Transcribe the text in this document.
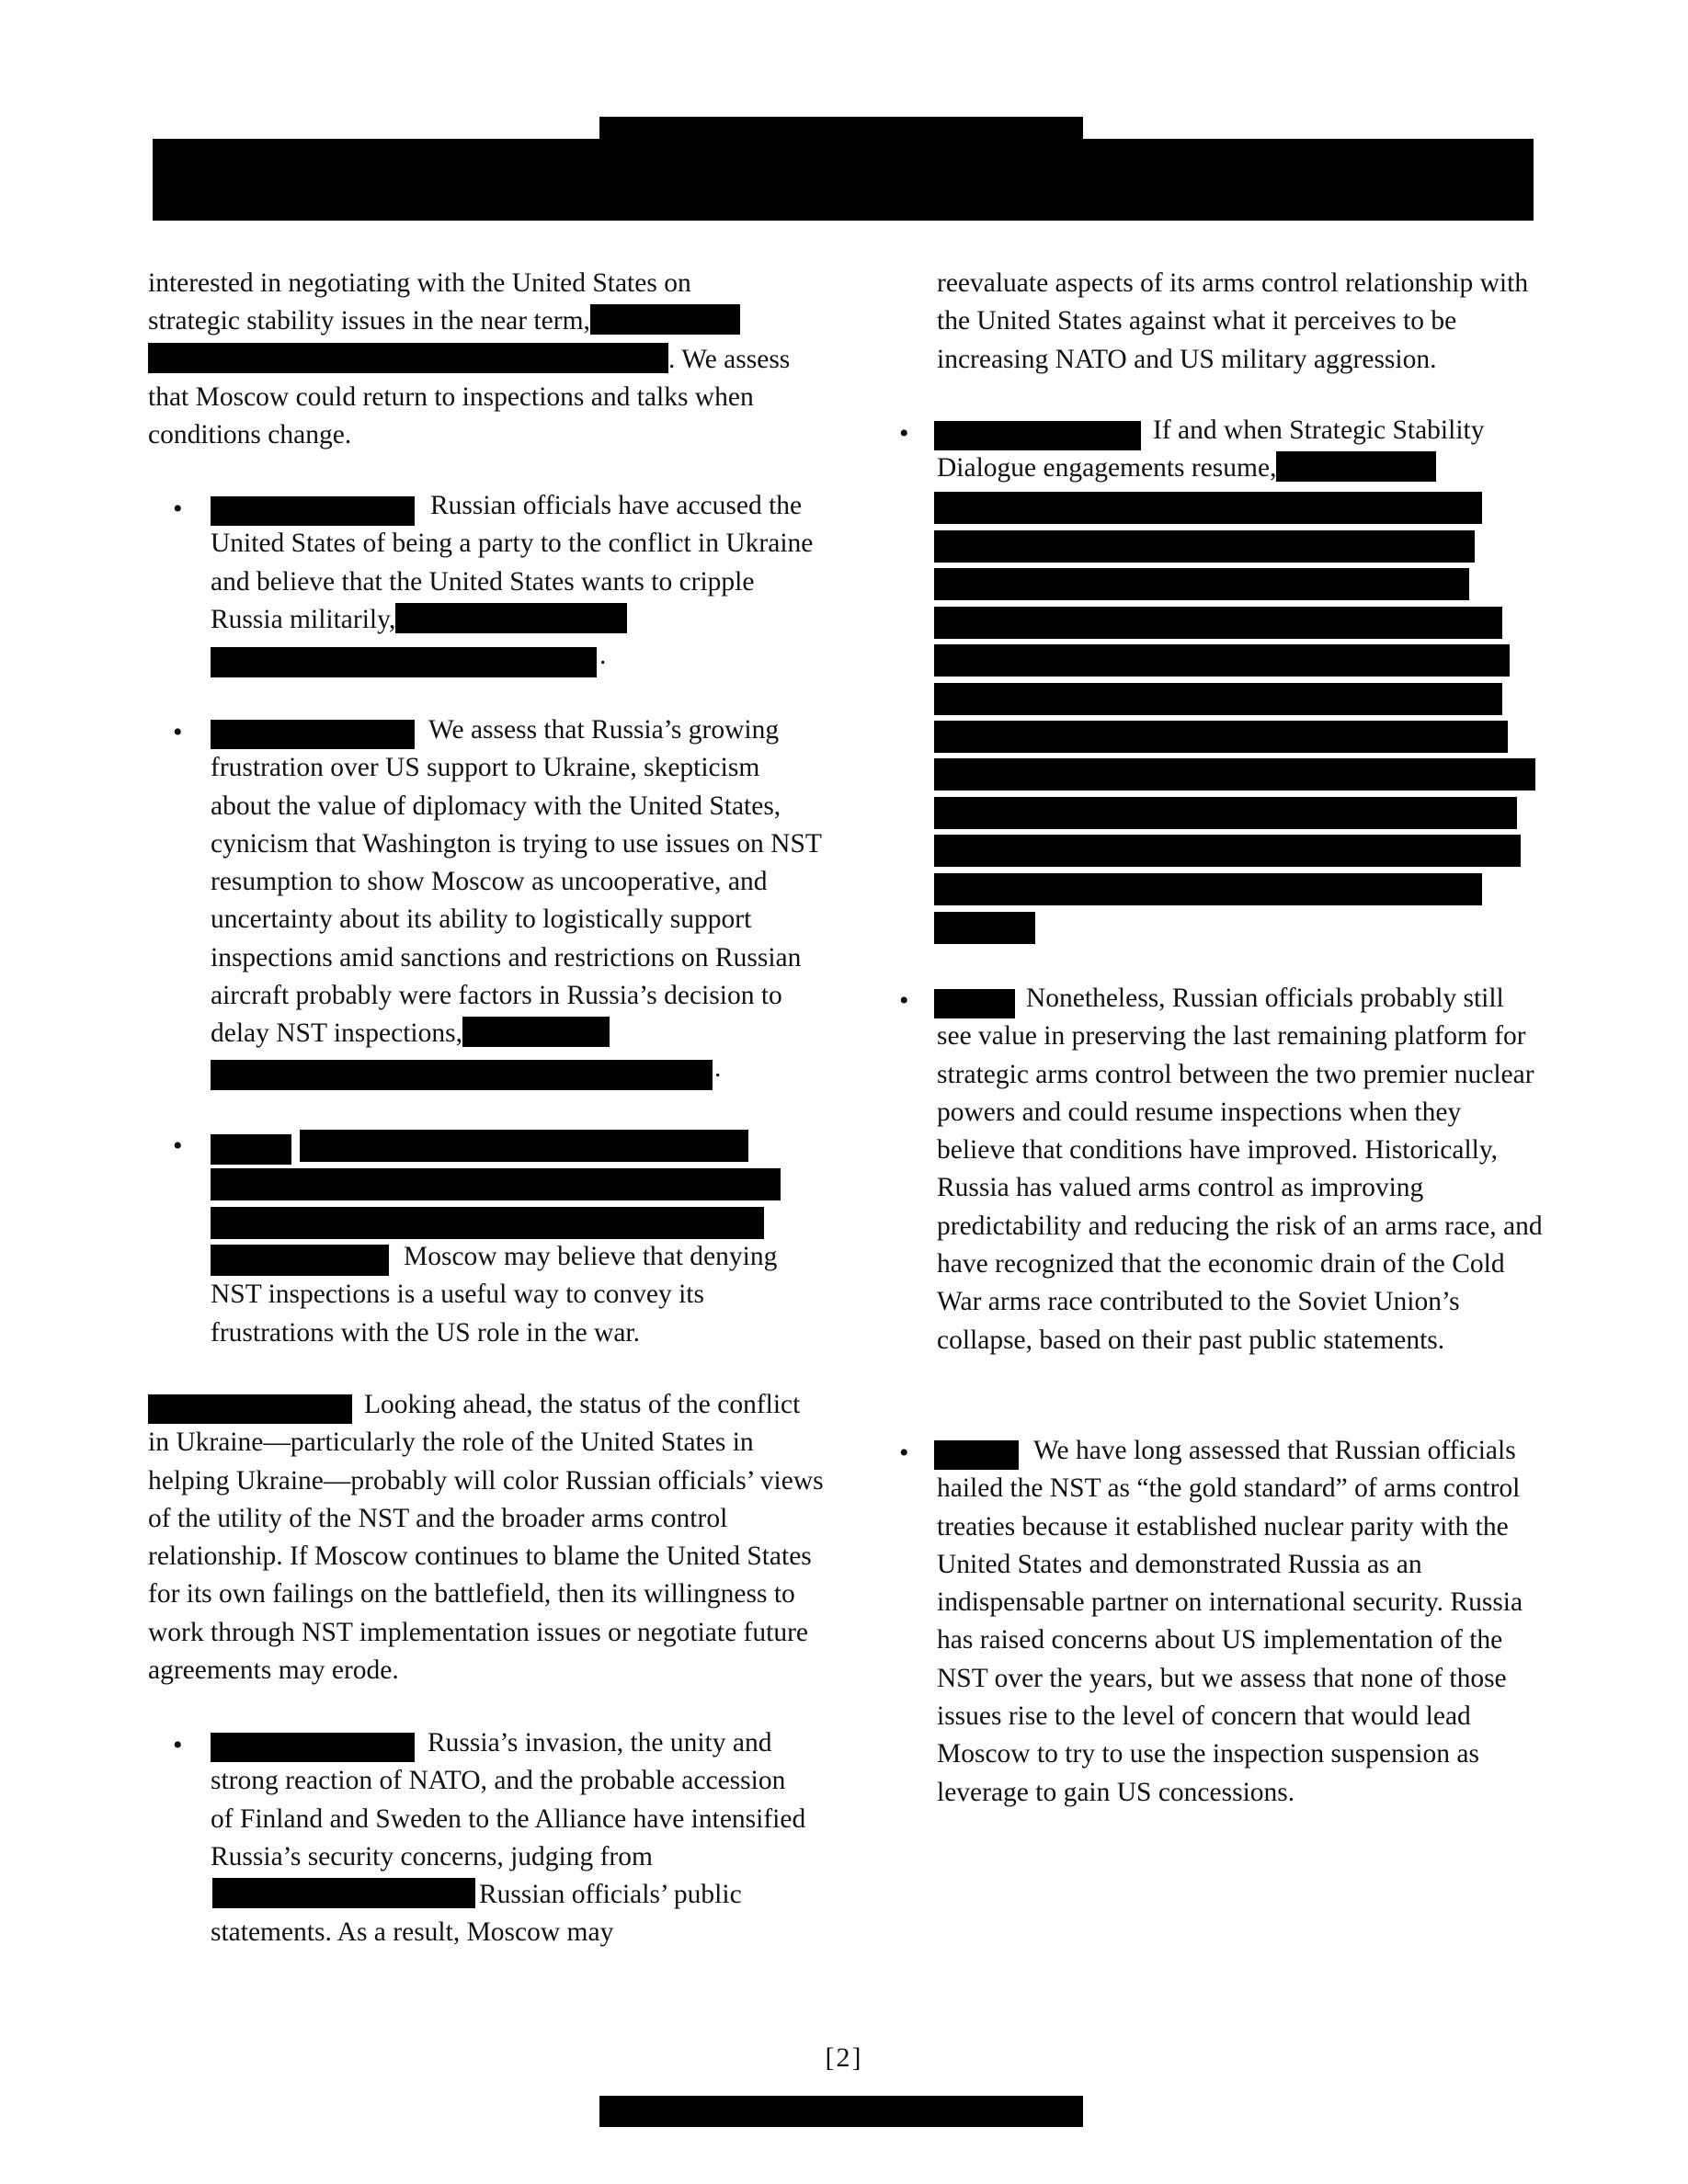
[2]
interested in negotiating with the United States on
strategic stability issues in the near term,
. We assess
that Moscow could return to inspections and talks when
conditions change.
•	Russian officials have accused the United States of being a party to the conflict in Ukraine and believe that the United States wants to cripple Russia militarily,
.
•	We assess that Russia’s growing frustration over US support to Ukraine, skepticism about the value of diplomacy with the United States, cynicism that Washington is trying to use issues on NST resumption to show Moscow as uncooperative, and uncertainty about its ability to logistically support inspections amid sanctions and restrictions on Russian aircraft probably were factors in Russia’s decision to delay NST inspections,
.
•
Moscow may believe that denying NST inspections is a useful way to convey its frustrations with the US role in the war.
Looking ahead, the status of the conflict in Ukraine—particularly the role of the United States in helping Ukraine—probably will color Russian officials’ views of the utility of the NST and the broader arms control relationship. If Moscow continues to blame the United States for its own failings on the battlefield, then its willingness to work through NST implementation issues or negotiate future agreements may erode.
•	Russia’s invasion, the unity and strong reaction of NATO, and the probable accession of Finland and Sweden to the Alliance have intensified Russia’s security concerns, judging fromRussian officials’ public statements. As a result, Moscow may
reevaluate aspects of its arms control relationship with the United States against what it perceives to be increasing NATO and US military aggression.
•	If and when Strategic Stability Dialogue engagements resume,
•	Nonetheless, Russian officials probably still see value in preserving the last remaining platform for strategic arms control between the two premier nuclear powers and could resume inspections when they believe that conditions have improved. Historically, Russia has valued arms control as improving predictability and reducing the risk of an arms race, and have recognized that the economic drain of the Cold War arms race contributed to the Soviet Union’s collapse, based on their past public statements.
•	We have long assessed that Russian officials hailed the NST as “the gold standard” of arms control treaties because it established nuclear parity with the United States and demonstrated Russia as an indispensable partner on international security. Russia has raised concerns about US implementation of the NST over the years, but we assess that none of those issues rise to the level of concern that would lead Moscow to try to use the inspection suspension as leverage to gain US concessions.
